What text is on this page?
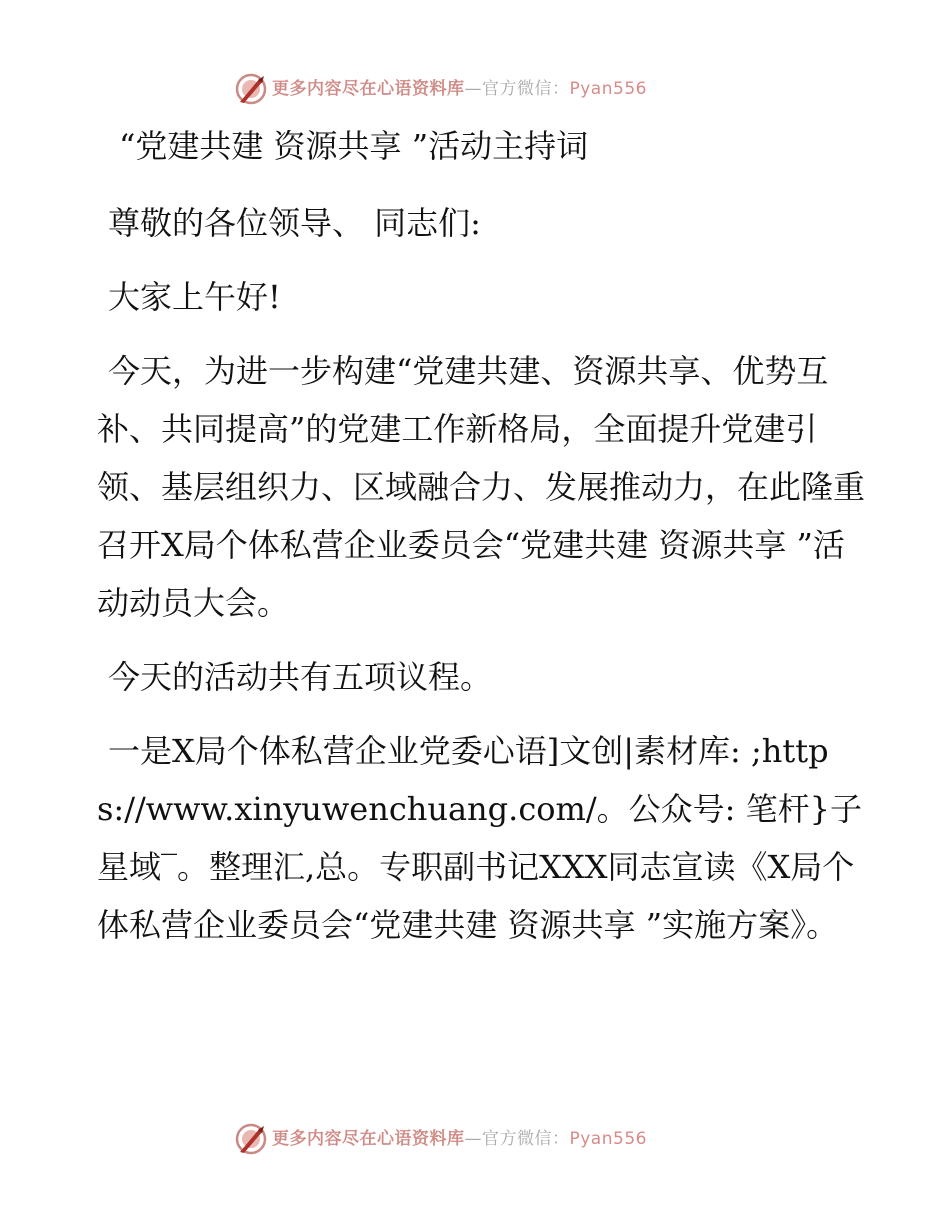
更多内容尽在心语资料库—官方微信：Pyan556
“党建共建 资源共享 ”活动主持词

尊敬的各位领导、 同志们:

大家上午好!

今天，为进一步构建“党建共建、资源共享、优势互补、共同提高”的党建工作新格局，全面提升党建引领、基层组织力、区域融合力、发展推动力，在此隆重召开X局个体私营企业委员会“党建共建 资源共享 ”活动动员大会。

今天的活动共有五项议程。

一是X局个体私营企业党委心语]文创|素材库: ;https://www.xinyuwenchuang.com/。公众号: 笔杆}子星域‾。整理汇,总。专职副书记XXX同志宣读《X局个体私营企业委员会“党建共建 资源共享 ”实施方案》。

更多内容尽在心语资料库—官方微信：Pyan556
